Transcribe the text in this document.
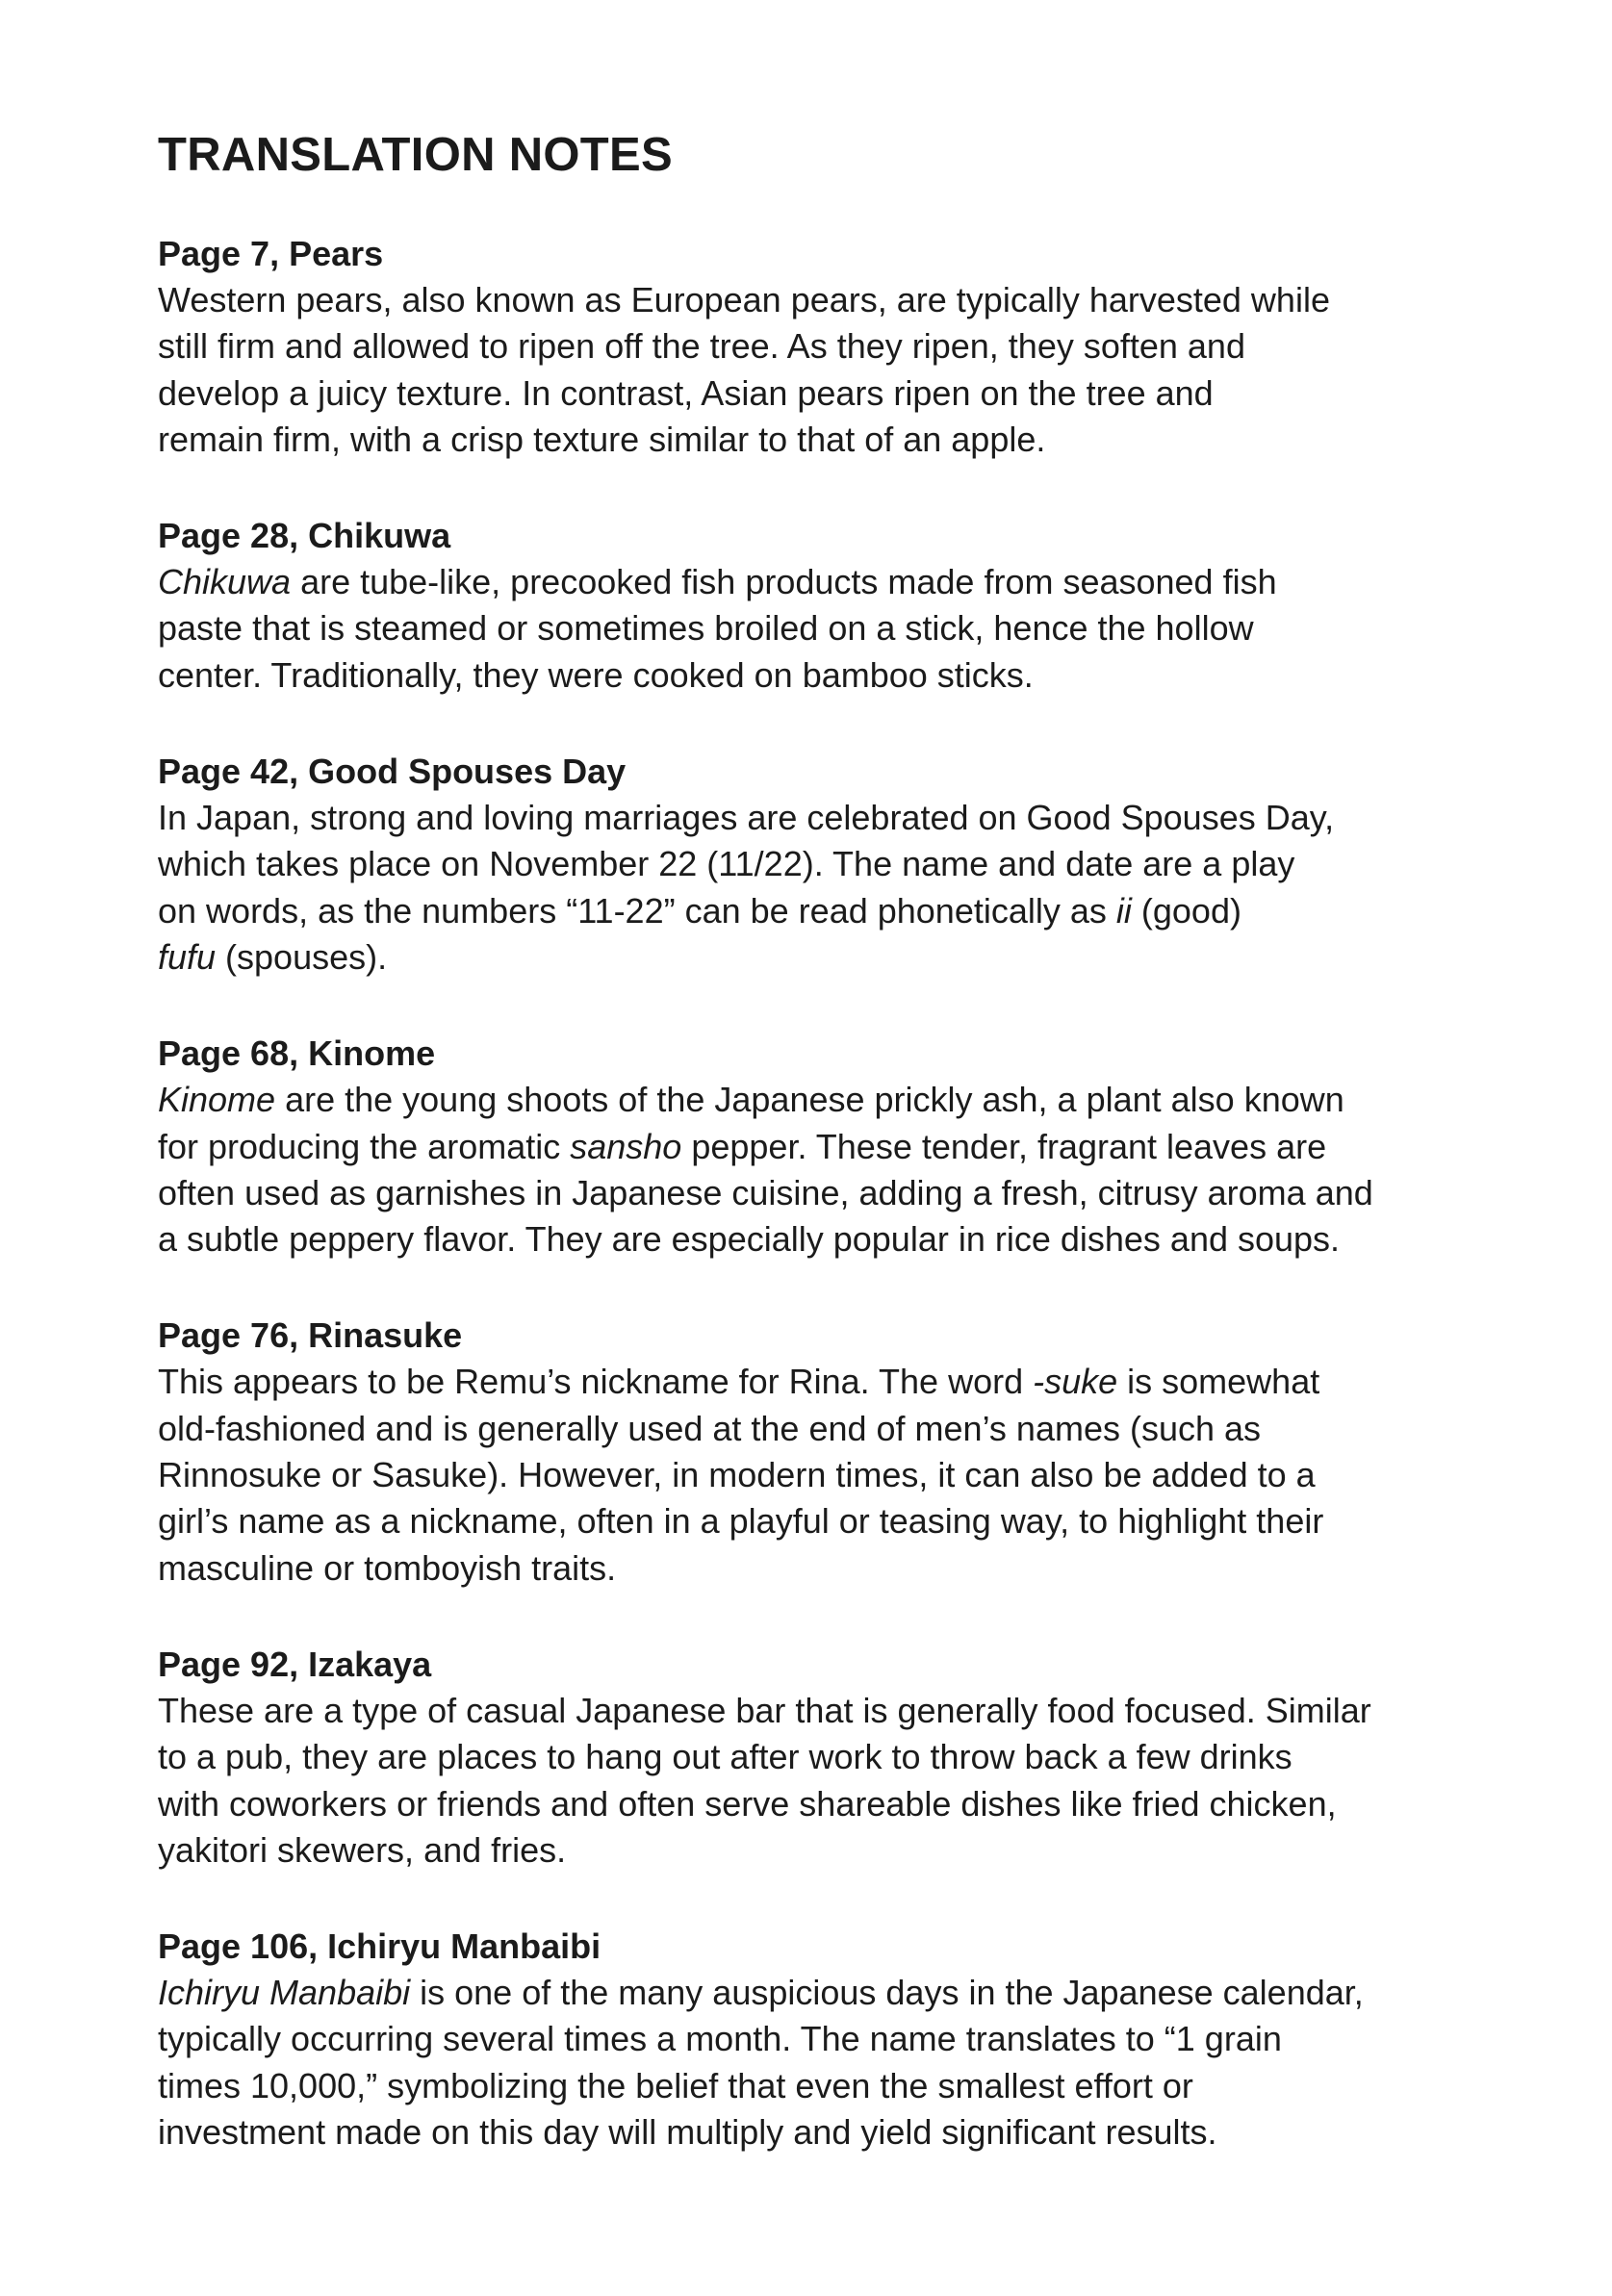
TRANSLATION NOTES
Page 7, Pears

Western pears, also known as European pears, are typically harvested while
still firm and allowed to ripen off the tree. As they ripen, they soften and
develop a juicy texture. In contrast, Asian pears ripen on the tree and
remain firm, with a crisp texture similar to that of an apple.

Page 28, Chikuwa

Chikuwa are tube-like, precooked fish products made from seasoned fish
paste that is steamed or sometimes broiled on a stick, hence the hollow
center. Traditionally, they were cooked on bamboo sticks.

Page 42, Good Spouses Day

In Japan, strong and loving marriages are celebrated on Good Spouses Day,
which takes place on November 22 (11/22). The name and date are a play
on words, as the numbers “11-22” can be read phonetically as ii (good)
fufu (spouses).

Page 68, Kinome

Kinome are the young shoots of the Japanese prickly ash, a plant also known
for producing the aromatic sansho pepper. These tender, fragrant leaves are
often used as garnishes in Japanese cuisine, adding a fresh, citrusy aroma and
a subtle peppery flavor. They are especially popular in rice dishes and soups.

Page 76, Rinasuke

This appears to be Remu’s nickname for Rina. The word -suke is somewhat
old-fashioned and is generally used at the end of men’s names (such as
Rinnosuke or Sasuke). However, in modern times, it can also be added to a
girl’s name as a nickname, often in a playful or teasing way, to highlight their
masculine or tomboyish traits.

Page 92, Izakaya

These are a type of casual Japanese bar that is generally food focused. Similar
to a pub, they are places to hang out after work to throw back a few drinks
with coworkers or friends and often serve shareable dishes like fried chicken,
yakitori skewers, and fries.

Page 106, Ichiryu Manbaibi

Ichiryu Manbaibi is one of the many auspicious days in the Japanese calendar,
typically occurring several times a month. The name translates to “1 grain
times 10,000,” symbolizing the belief that even the smallest effort or
investment made on this day will multiply and yield significant results.
